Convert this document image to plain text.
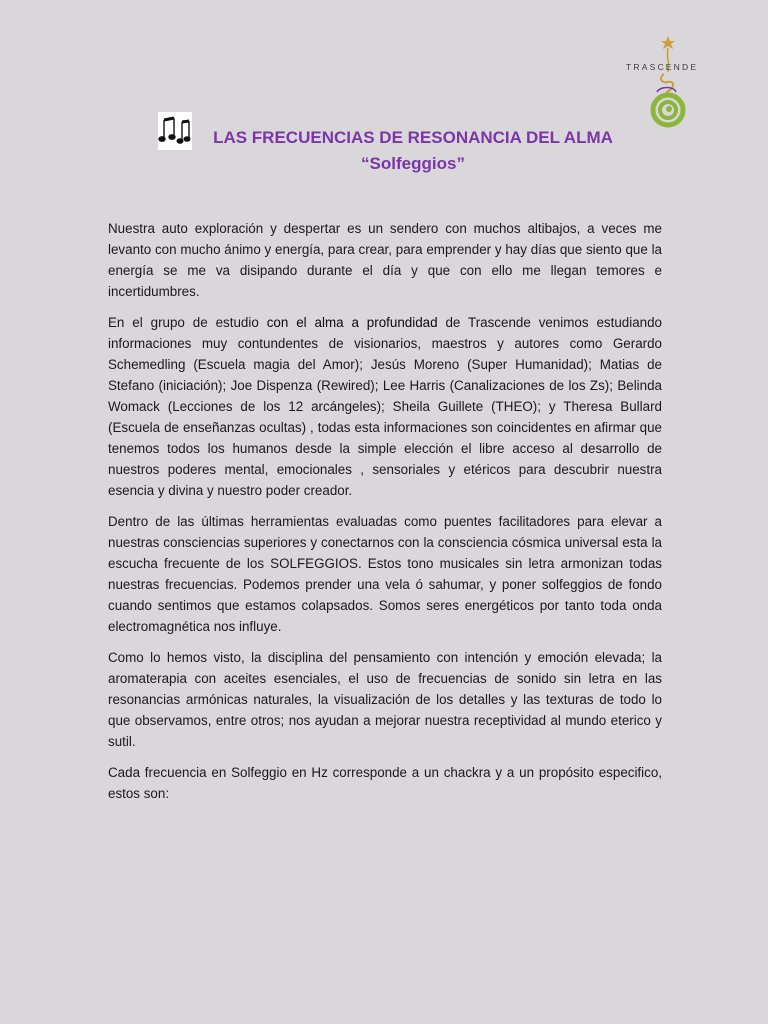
TRASCENDE
LAS FRECUENCIAS DE RESONANCIA DEL ALMA
“Solfeggios”

Nuestra auto exploración y despertar es un sendero con muchos altibajos, a veces me levanto con mucho ánimo y energía, para crear, para emprender y hay días que siento que la energía se me va disipando durante el día y que con ello me llegan temores e incertidumbres.

En el grupo de estudio con el alma a profundidad de Trascende venimos estudiando informaciones muy contundentes de visionarios, maestros y autores como Gerardo Schemedling (Escuela magia del Amor); Jesús Moreno (Super Humanidad); Matias de Stefano (iniciación); Joe Dispenza (Rewired); Lee Harris (Canalizaciones de los Zs); Belinda Womack (Lecciones de los 12 arcángeles); Sheila Guillete (THEO); y Theresa Bullard (Escuela de enseñanzas ocultas) , todas esta informaciones son coincidentes en afirmar que tenemos todos los humanos desde la simple elección el libre acceso al desarrollo de nuestros poderes mental, emocionales , sensoriales y etéricos para descubrir nuestra esencia y divina y nuestro poder creador.

Dentro de las últimas herramientas evaluadas como puentes facilitadores para elevar a nuestras consciencias superiores y conectarnos con la consciencia cósmica universal esta la escucha frecuente de los SOLFEGGIOS. Estos tono musicales sin letra armonizan todas nuestras frecuencias. Podemos prender una vela ó sahumar, y poner solfeggios de fondo cuando sentimos que estamos colapsados. Somos seres energéticos por tanto toda onda electromagnética nos influye.

Como lo hemos visto, la disciplina del pensamiento con intención y emoción elevada; la aromaterapia con aceites esenciales, el uso de frecuencias de sonido sin letra en las resonancias armónicas naturales, la visualización de los detalles y las texturas de todo lo que observamos, entre otros; nos ayudan a mejorar nuestra receptividad al mundo eterico y sutil.

Cada frecuencia en Solfeggio en Hz corresponde a un chackra y a un propósito especifico, estos son:
